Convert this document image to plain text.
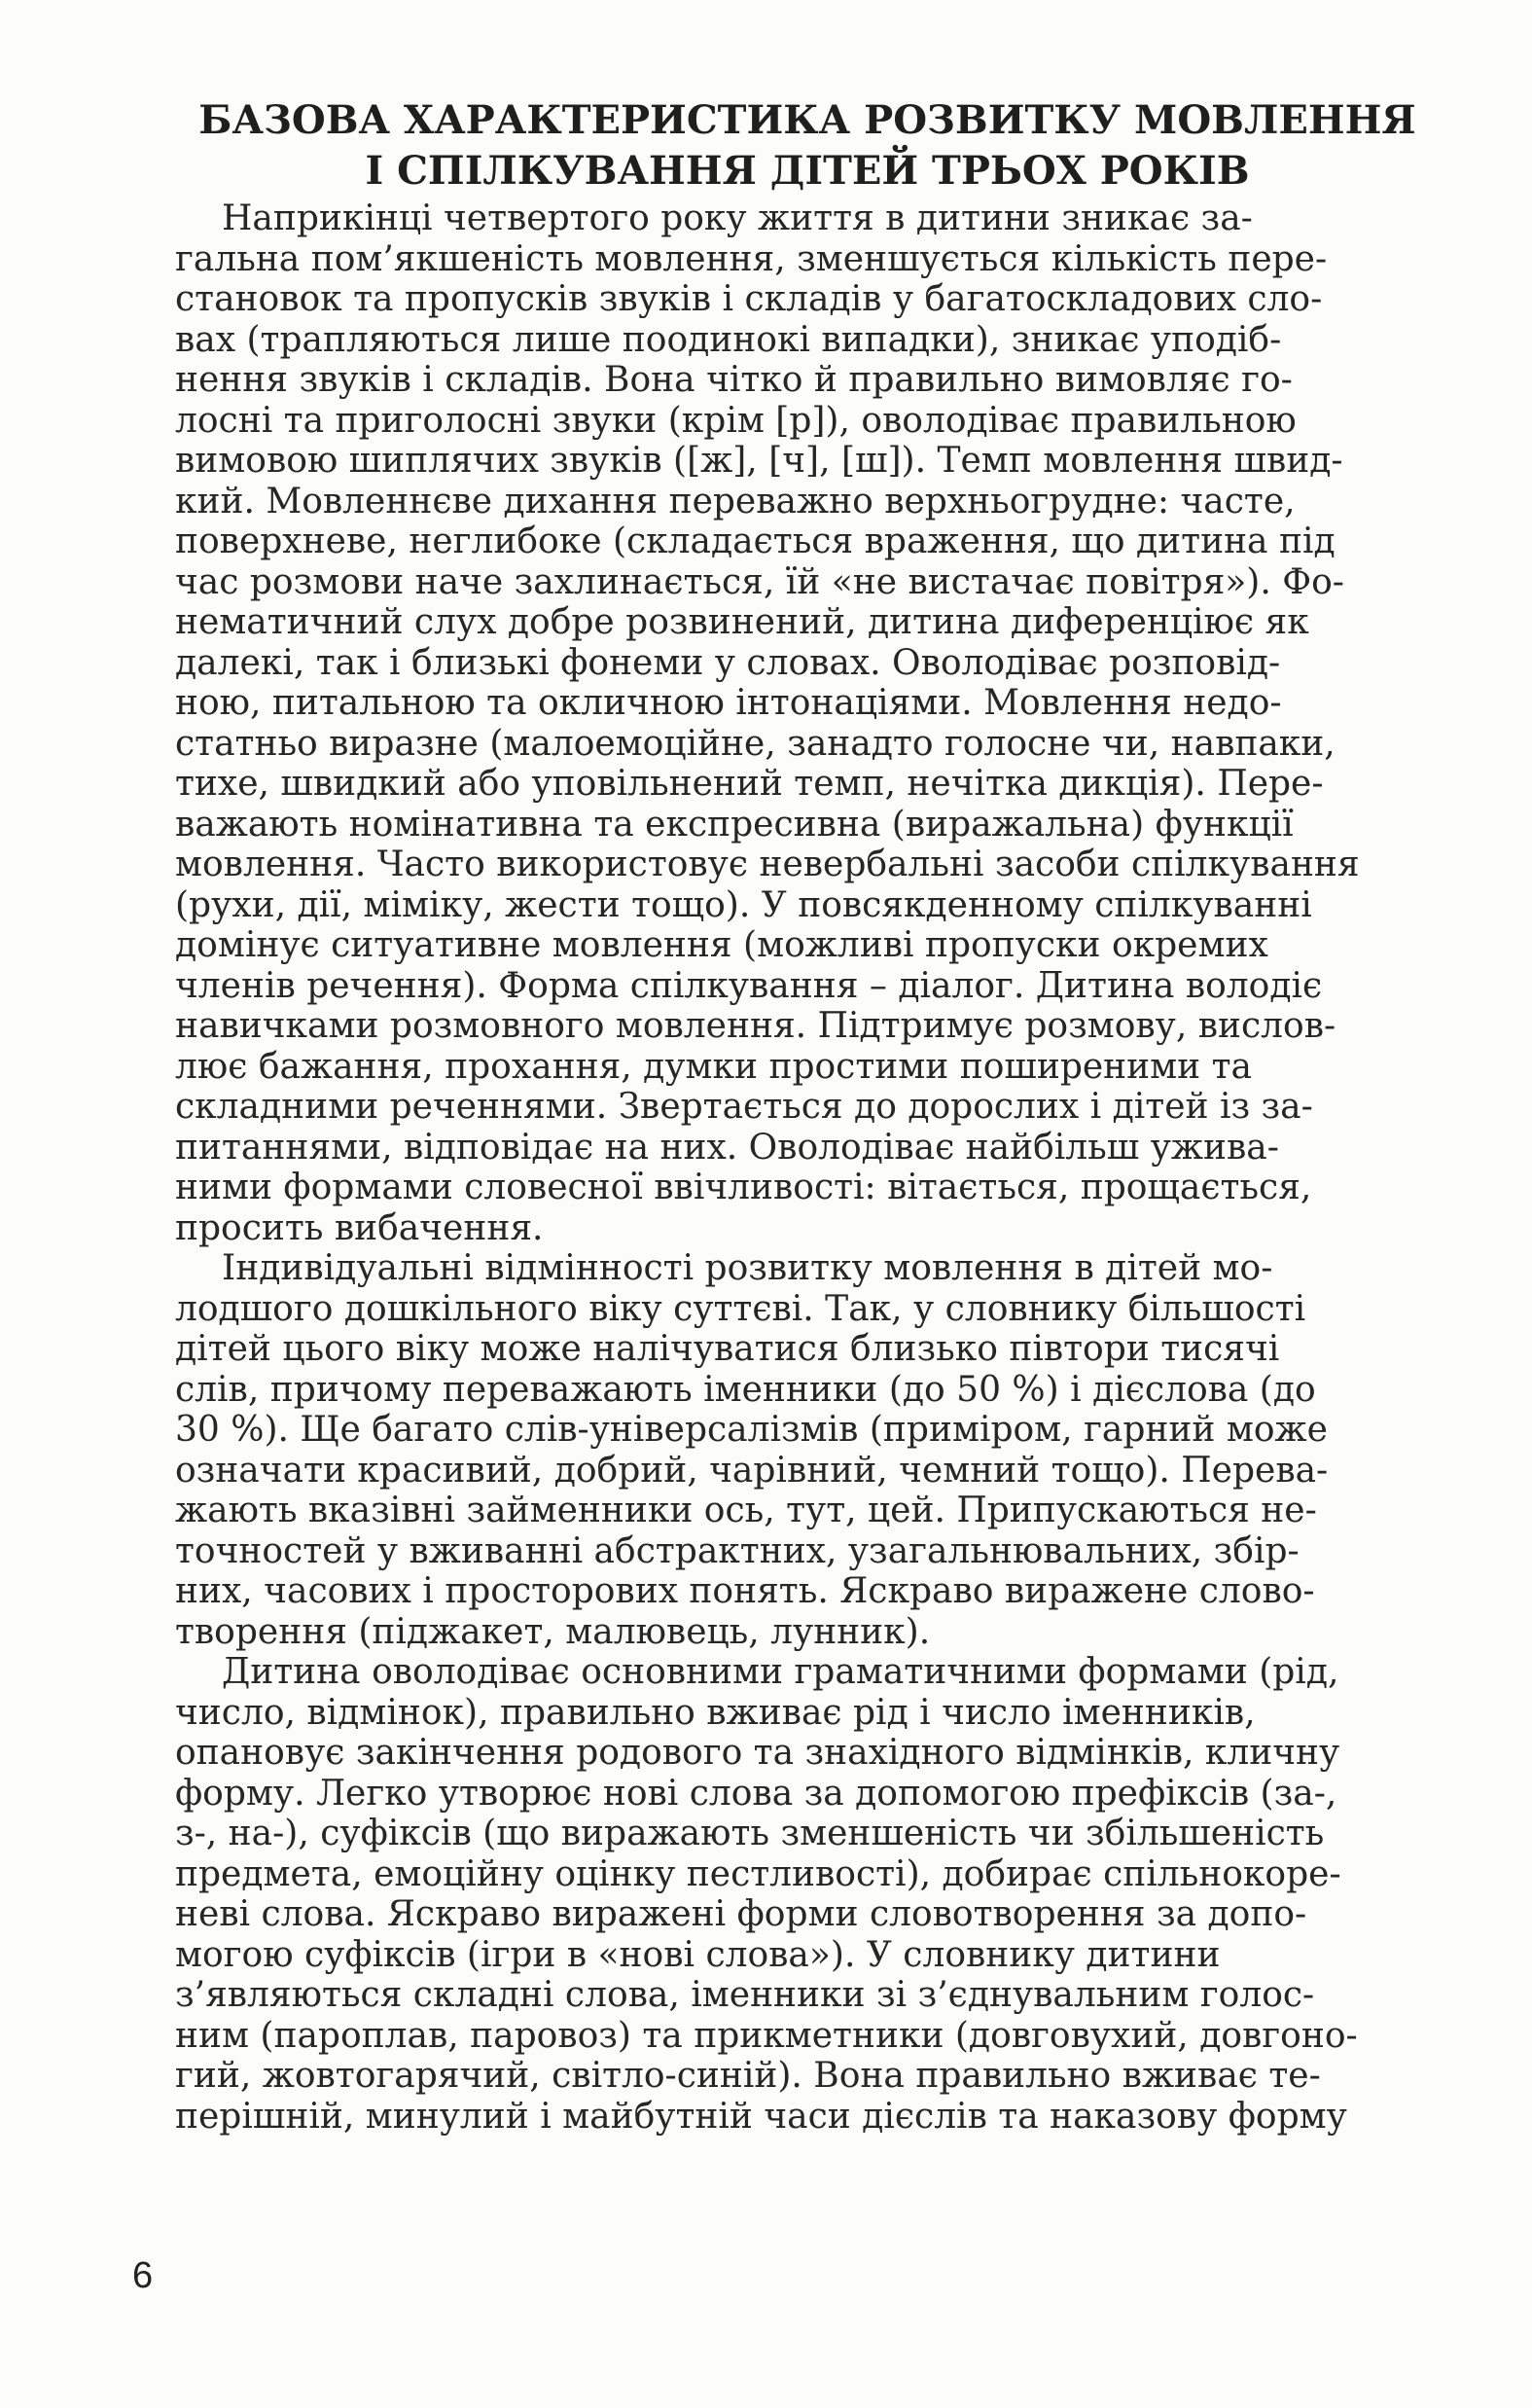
БАЗОВА ХАРАКТЕРИСТИКА РОЗВИТКУ МОВЛЕННЯ
І СПІЛКУВАННЯ ДІТЕЙ ТРЬОХ РОКІВ
Наприкінці четвертого року життя в дитини зникає за-
гальна пом’якшеність мовлення, зменшується кількість пере-
становок та пропусків звуків і складів у багатоскладових сло-
вах (трапляються лише поодинокі випадки), зникає уподіб-
нення звуків і складів. Вона чітко й правильно вимовляє го-
лосні та приголосні звуки (крім [р]), оволодіває правильною
вимовою шиплячих звуків ([ж], [ч], [ш]). Темп мовлення швид-
кий. Мовленнєве дихання переважно верхньогрудне: часте,
поверхневе, неглибоке (складається враження, що дитина під
час розмови наче захлинається, їй «не вистачає повітря»). Фо-
нематичний слух добре розвинений, дитина диференціює як
далекі, так і близькі фонеми у словах. Оволодіває розповід-
ною, питальною та окличною інтонаціями. Мовлення недо-
статньо виразне (малоемоційне, занадто голосне чи, навпаки,
тихе, швидкий або уповільнений темп, нечітка дикція). Пере-
важають номінативна та експресивна (виражальна) функції
мовлення. Часто використовує невербальні засоби спілкування
(рухи, дії, міміку, жести тощо). У повсякденному спілкуванні
домінує ситуативне мовлення (можливі пропуски окремих
членів речення). Форма спілкування – діалог. Дитина володіє
навичками розмовного мовлення. Підтримує розмову, вислов-
лює бажання, прохання, думки простими поширеними та
складними реченнями. Звертається до дорослих і дітей із за-
питаннями, відповідає на них. Оволодіває найбільш ужива-
ними формами словесної ввічливості: вітається, прощається,
просить вибачення.
Індивідуальні відмінності розвитку мовлення в дітей мо-
лодшого дошкільного віку суттєві. Так, у словнику більшості
дітей цього віку може налічуватися близько півтори тисячі
слів, причому переважають іменники (до 50 %) і дієслова (до
30 %). Ще багато слів-універсалізмів (приміром, гарний може
означати красивий, добрий, чарівний, чемний тощо). Перева-
жають вказівні займенники ось, тут, цей. Припускаються не-
точностей у вживанні абстрактних, узагальнювальних, збір-
них, часових і просторових понять. Яскраво виражене слово-
творення (піджакет, малювець, лунник).
Дитина оволодіває основними граматичними формами (рід,
число, відмінок), правильно вживає рід і число іменників,
опановує закінчення родового та знахідного відмінків, кличну
форму. Легко утворює нові слова за допомогою префіксів (за-,
з-, на-), суфіксів (що виражають зменшеність чи збільшеність
предмета, емоційну оцінку пестливості), добирає спільнокоре-
неві слова. Яскраво виражені форми словотворення за допо-
могою суфіксів (ігри в «нові слова»). У словнику дитини
з’являються складні слова, іменники зі з’єднувальним голос-
ним (пароплав, паровоз) та прикметники (довговухий, довгоно-
гий, жовтогарячий, світло-синій). Вона правильно вживає те-
перішній, минулий і майбутній часи дієслів та наказову форму
6
